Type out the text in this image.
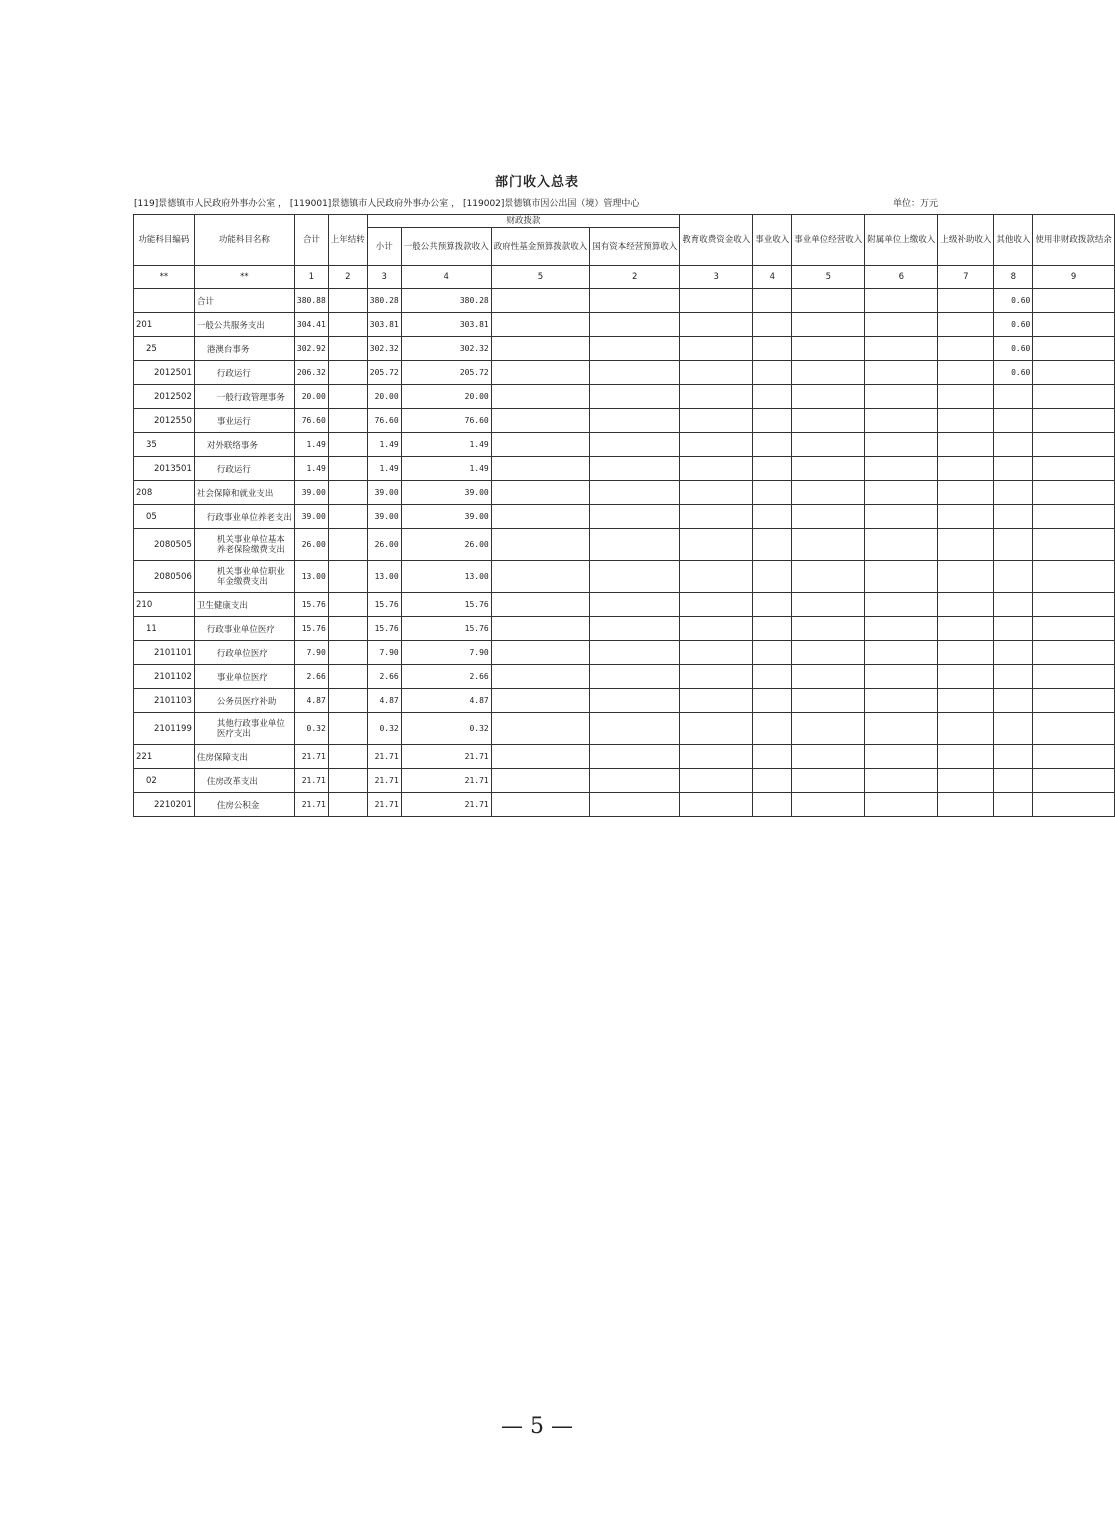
部门收入总表
[119]景德镇市人民政府外事办公室 ， [119001]景德镇市人民政府外事办公室 ， [119002]景德镇市因公出国（境）管理中心	单位：万元
功能科目编码	功能科目名称	合计	上年结转	财政拨款				教育收费资金收入	事业收入	事业单位经营收入	附属单位上缴收入	上级补助收入	其他收入	使用非财政拨款结余
				小计	一般公共预算拨款收入	政府性基金预算拨款收入	国有资本经营预算收入							
**	**	1	2	3	4	5	2	3	4	5	6	7	8	9
	合计	380.88		380.28	380.28								0.60	
201	一般公共服务支出	304.41		303.81	303.81								0.60	
25	港澳台事务	302.92		302.32	302.32								0.60	
2012501	行政运行	206.32		205.72	205.72								0.60	
2012502	一般行政管理事务	20.00		20.00	20.00									
2012550	事业运行	76.60		76.60	76.60									
35	对外联络事务	1.49		1.49	1.49									
2013501	行政运行	1.49		1.49	1.49									
208	社会保障和就业支出	39.00		39.00	39.00									
05	行政事业单位养老支出	39.00		39.00	39.00									
2080505	机关事业单位基本养老保险缴费支出	26.00		26.00	26.00									
2080506	机关事业单位职业年金缴费支出	13.00		13.00	13.00									
210	卫生健康支出	15.76		15.76	15.76									
11	行政事业单位医疗	15.76		15.76	15.76									
2101101	行政单位医疗	7.90		7.90	7.90									
2101102	事业单位医疗	2.66		2.66	2.66									
2101103	公务员医疗补助	4.87		4.87	4.87									
2101199	其他行政事业单位医疗支出	0.32		0.32	0.32									
221	住房保障支出	21.71		21.71	21.71									
02	住房改革支出	21.71		21.71	21.71									
2210201	住房公积金	21.71		21.71	21.71									
— 5 —
